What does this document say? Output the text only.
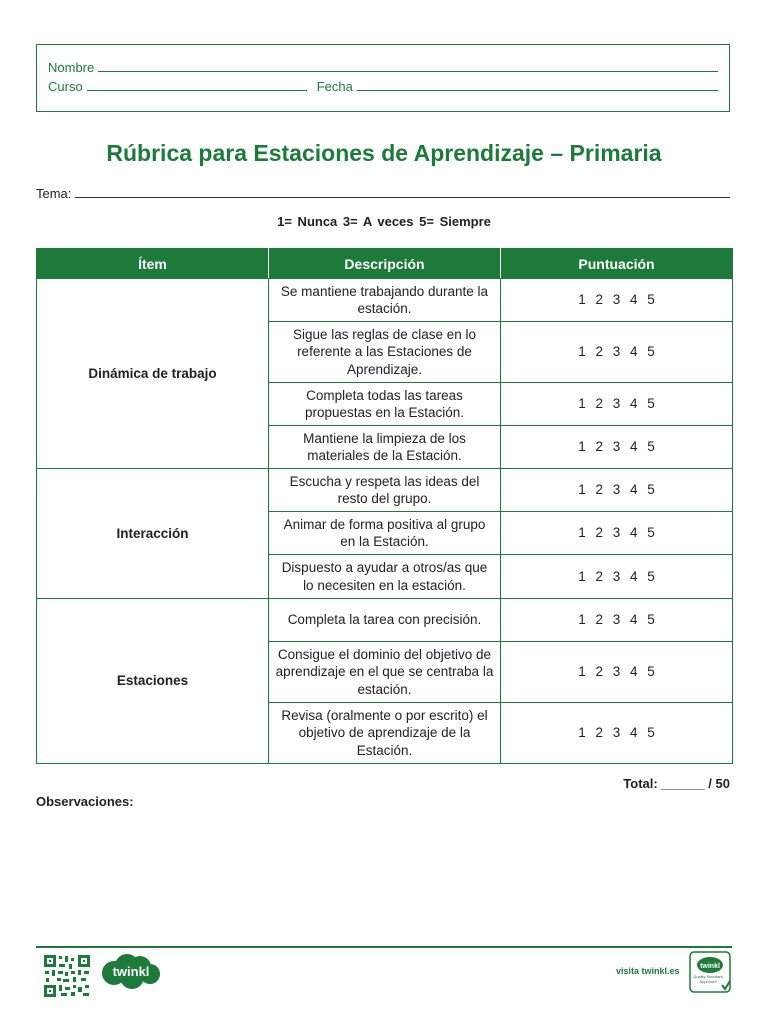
Nombre
Curso	Fecha
Rúbrica para Estaciones de Aprendizaje – Primaria
Tema:
1= Nunca 3= A veces 5= Siempre
Ítem	Descripción	Puntuación
Dinámica de trabajo	Se mantiene trabajando durante la estación.	1 2 3 4 5
	Sigue las reglas de clase en lo referente a las Estaciones de Aprendizaje.	1 2 3 4 5
	Completa todas las tareas propuestas en la Estación.	1 2 3 4 5
	Mantiene la limpieza de los materiales de la Estación.	1 2 3 4 5
Interacción	Escucha y respeta las ideas del resto del grupo.	1 2 3 4 5
	Animar de forma positiva al grupo en la Estación.	1 2 3 4 5
	Dispuesto a ayudar a otros/as que lo necesiten en la estación.	1 2 3 4 5
Estaciones	Completa la tarea con precisión.	1 2 3 4 5
	Consigue el dominio del objetivo de aprendizaje en el que se centraba la estación.	1 2 3 4 5
	Revisa (oralmente o por escrito) el objetivo de aprendizaje de la Estación.	1 2 3 4 5
Total: ______ / 50
Observaciones:
twinkl	visita twinkl.es	twinkl
Quality Standard Approved
